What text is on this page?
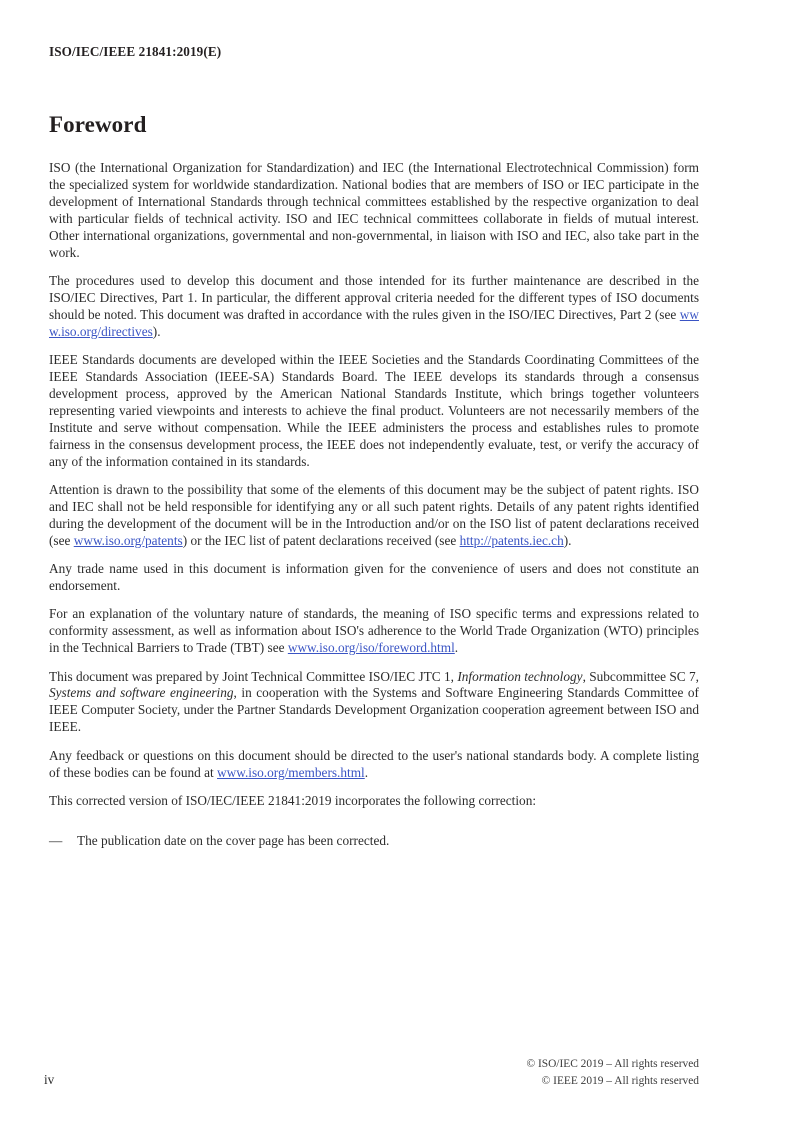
ISO/IEC/IEEE 21841:2019(E)
Foreword

ISO (the International Organization for Standardization) and IEC (the International Electrotechnical Commission) form the specialized system for worldwide standardization. National bodies that are members of ISO or IEC participate in the development of International Standards through technical committees established by the respective organization to deal with particular fields of technical activity. ISO and IEC technical committees collaborate in fields of mutual interest. Other international organizations, governmental and non-governmental, in liaison with ISO and IEC, also take part in the work.

The procedures used to develop this document and those intended for its further maintenance are described in the ISO/IEC Directives, Part 1. In particular, the different approval criteria needed for the different types of ISO documents should be noted. This document was drafted in accordance with the rules given in the ISO/IEC Directives, Part 2 (see www.iso.org/directives).

IEEE Standards documents are developed within the IEEE Societies and the Standards Coordinating Committees of the IEEE Standards Association (IEEE-SA) Standards Board. The IEEE develops its standards through a consensus development process, approved by the American National Standards Institute, which brings together volunteers representing varied viewpoints and interests to achieve the final product. Volunteers are not necessarily members of the Institute and serve without compensation. While the IEEE administers the process and establishes rules to promote fairness in the consensus development process, the IEEE does not independently evaluate, test, or verify the accuracy of any of the information contained in its standards.

Attention is drawn to the possibility that some of the elements of this document may be the subject of patent rights. ISO and IEC shall not be held responsible for identifying any or all such patent rights. Details of any patent rights identified during the development of the document will be in the Introduction and/or on the ISO list of patent declarations received (see www.iso.org/patents) or the IEC list of patent declarations received (see http://patents.iec.ch).

Any trade name used in this document is information given for the convenience of users and does not constitute an endorsement.

For an explanation of the voluntary nature of standards, the meaning of ISO specific terms and expressions related to conformity assessment, as well as information about ISO's adherence to the World Trade Organization (WTO) principles in the Technical Barriers to Trade (TBT) see www.iso.org/iso/foreword.html.

This document was prepared by Joint Technical Committee ISO/IEC JTC 1, Information technology, Subcommittee SC 7, Systems and software engineering, in cooperation with the Systems and Software Engineering Standards Committee of IEEE Computer Society, under the Partner Standards Development Organization cooperation agreement between ISO and IEEE.

Any feedback or questions on this document should be directed to the user's national standards body. A complete listing of these bodies can be found at www.iso.org/members.html.

This corrected version of ISO/IEC/IEEE 21841:2019 incorporates the following correction:

—	The publication date on the cover page has been corrected.
iv
© ISO/IEC 2019 – All rights reserved
© IEEE 2019 – All rights reserved
